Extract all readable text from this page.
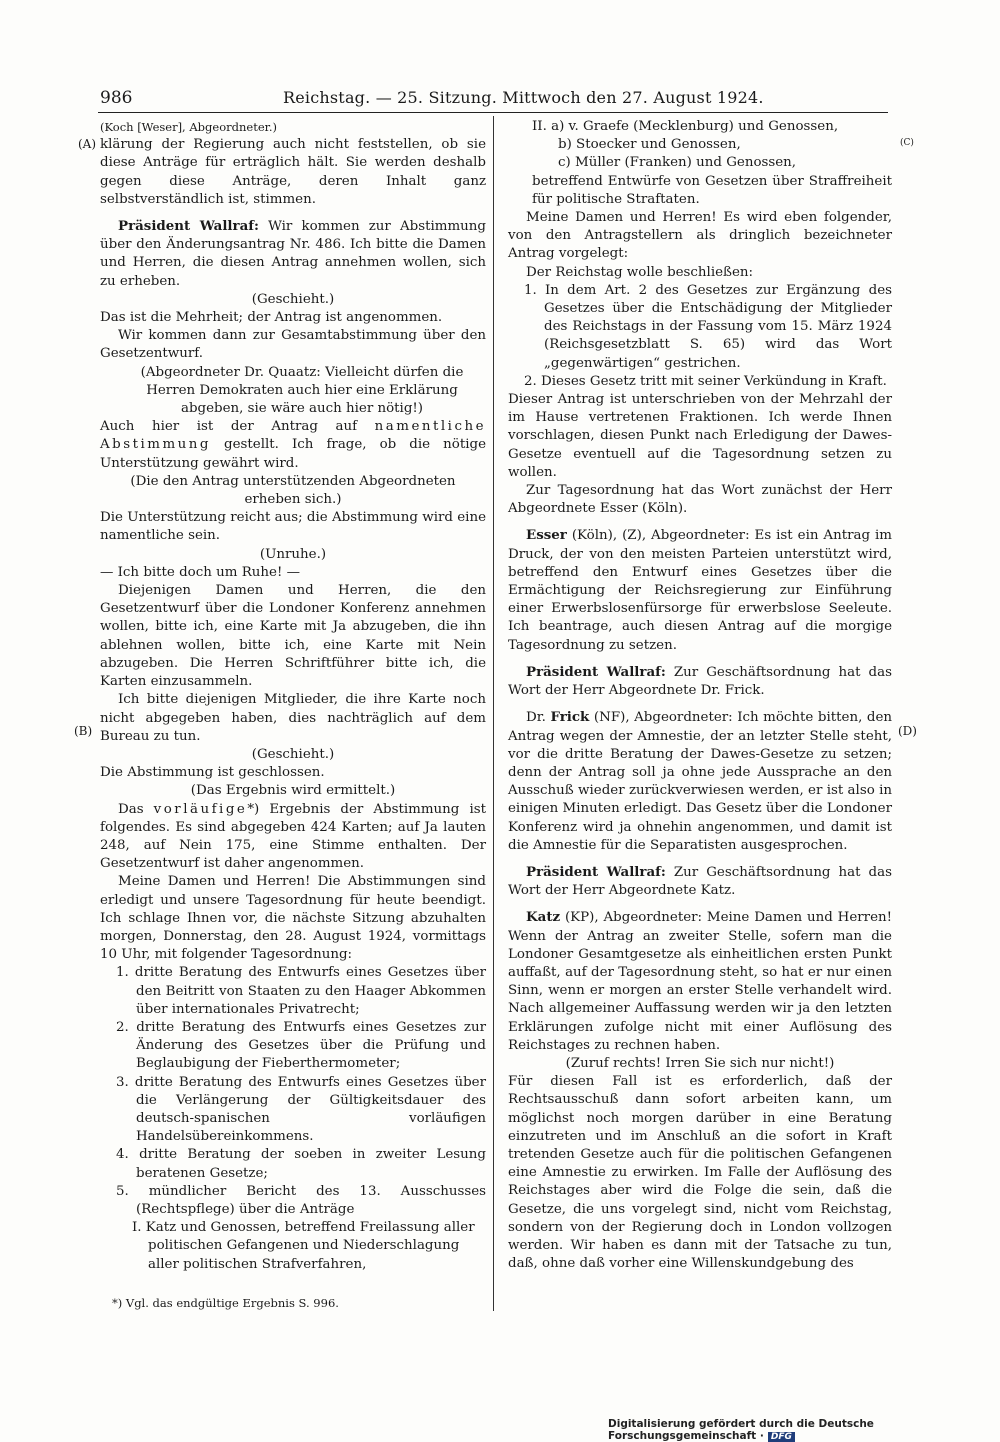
986	Reichstag. — 25. Sitzung. Mittwoch den 27. August 1924.
(A)
(B)	(D)
(C)

(Koch [Weser], Abgeordneter.)

klärung der Regierung auch nicht feststellen, ob sie diese Anträge für erträglich hält. Sie werden deshalb gegen diese Anträge, deren Inhalt ganz selbstverständlich ist, stimmen.

Präsident Wallraf: Wir kommen zur Abstimmung über den Änderungsantrag Nr. 486. Ich bitte die Damen und Herren, die diesen Antrag annehmen wollen, sich zu erheben.

(Geschieht.)

Das ist die Mehrheit; der Antrag ist angenommen.

Wir kommen dann zur Gesamtabstimmung über den Gesetzentwurf.

(Abgeordneter Dr. Quaatz: Vielleicht dürfen die Herren Demokraten auch hier eine Erklärung abgeben, sie wäre auch hier nötig!)

Auch hier ist der Antrag auf namentliche Abstimmung gestellt. Ich frage, ob die nötige Unterstützung gewährt wird.

(Die den Antrag unterstützenden Abgeordneten erheben sich.)

Die Unterstützung reicht aus; die Abstimmung wird eine namentliche sein.

(Unruhe.)

— Ich bitte doch um Ruhe! —

Diejenigen Damen und Herren, die den Gesetzentwurf über die Londoner Konferenz annehmen wollen, bitte ich, eine Karte mit Ja abzugeben, die ihn ablehnen wollen, bitte ich, eine Karte mit Nein abzugeben. Die Herren Schriftführer bitte ich, die Karten einzusammeln.

Ich bitte diejenigen Mitglieder, die ihre Karte noch nicht abgegeben haben, dies nachträglich auf dem Bureau zu tun.

(Geschieht.)

Die Abstimmung ist geschlossen.

(Das Ergebnis wird ermittelt.)

Das vorläufige*) Ergebnis der Abstimmung ist folgendes. Es sind abgegeben 424 Karten; auf Ja lauten 248, auf Nein 175, eine Stimme enthalten. Der Gesetzentwurf ist daher angenommen.

Meine Damen und Herren! Die Abstimmungen sind erledigt und unsere Tagesordnung für heute beendigt. Ich schlage Ihnen vor, die nächste Sitzung abzuhalten morgen, Donnerstag, den 28. August 1924, vormittags 10 Uhr, mit folgender Tagesordnung:

1. dritte Beratung des Entwurfs eines Gesetzes über den Beitritt von Staaten zu den Haager Abkommen über internationales Privatrecht;

2. dritte Beratung des Entwurfs eines Gesetzes zur Änderung des Gesetzes über die Prüfung und Beglaubigung der Fieberthermometer;

3. dritte Beratung des Entwurfs eines Gesetzes über die Verlängerung der Gültigkeitsdauer des deutsch-spanischen vorläufigen Handelsübereinkommens.

4. dritte Beratung der soeben in zweiter Lesung beratenen Gesetze;

5. mündlicher Bericht des 13. Ausschusses (Rechtspflege) über die Anträge

I. Katz und Genossen, betreffend Freilassung aller politischen Gefangenen und Niederschlagung aller politischen Strafverfahren,

*) Vgl. das endgültige Ergebnis S. 996.

II. a) v. Graefe (Mecklenburg) und Genossen,

b) Stoecker und Genossen,

c) Müller (Franken) und Genossen,

betreffend Entwürfe von Gesetzen über Straffreiheit für politische Straftaten.

Meine Damen und Herren! Es wird eben folgender, von den Antragstellern als dringlich bezeichneter Antrag vorgelegt:

Der Reichstag wolle beschließen:

1. In dem Art. 2 des Gesetzes zur Ergänzung des Gesetzes über die Entschädigung der Mitglieder des Reichstags in der Fassung vom 15. März 1924 (Reichsgesetzblatt S. 65) wird das Wort „gegenwärtigen“ gestrichen.

2. Dieses Gesetz tritt mit seiner Verkündung in Kraft.

Dieser Antrag ist unterschrieben von der Mehrzahl der im Hause vertretenen Fraktionen. Ich werde Ihnen vorschlagen, diesen Punkt nach Erledigung der Dawes-Gesetze eventuell auf die Tagesordnung setzen zu wollen.

Zur Tagesordnung hat das Wort zunächst der Herr Abgeordnete Esser (Köln).

Esser (Köln), (Z), Abgeordneter: Es ist ein Antrag im Druck, der von den meisten Parteien unterstützt wird, betreffend den Entwurf eines Gesetzes über die Ermächtigung der Reichsregierung zur Einführung einer Erwerbslosenfürsorge für erwerbslose Seeleute. Ich beantrage, auch diesen Antrag auf die morgige Tagesordnung zu setzen.

Präsident Wallraf: Zur Geschäftsordnung hat das Wort der Herr Abgeordnete Dr. Frick.

Dr. Frick (NF), Abgeordneter: Ich möchte bitten, den Antrag wegen der Amnestie, der an letzter Stelle steht, vor die dritte Beratung der Dawes-Gesetze zu setzen; denn der Antrag soll ja ohne jede Aussprache an den Ausschuß wieder zurückverwiesen werden, er ist also in einigen Minuten erledigt. Das Gesetz über die Londoner Konferenz wird ja ohnehin angenommen, und damit ist die Amnestie für die Separatisten ausgesprochen.

Präsident Wallraf: Zur Geschäftsordnung hat das Wort der Herr Abgeordnete Katz.

Katz (KP), Abgeordneter: Meine Damen und Herren! Wenn der Antrag an zweiter Stelle, sofern man die Londoner Gesamtgesetze als einheitlichen ersten Punkt auffaßt, auf der Tagesordnung steht, so hat er nur einen Sinn, wenn er morgen an erster Stelle verhandelt wird. Nach allgemeiner Auffassung werden wir ja den letzten Erklärungen zufolge nicht mit einer Auflösung des Reichstages zu rechnen haben.

(Zuruf rechts! Irren Sie sich nur nicht!)

Für diesen Fall ist es erforderlich, daß der Rechtsausschuß dann sofort arbeiten kann, um möglichst noch morgen darüber in eine Beratung einzutreten und im Anschluß an die sofort in Kraft tretenden Gesetze auch für die politischen Gefangenen eine Amnestie zu erwirken. Im Falle der Auflösung des Reichstages aber wird die Folge die sein, daß die Gesetze, die uns vorgelegt sind, nicht vom Reichstag, sondern von der Regierung doch in London vollzogen werden. Wir haben es dann mit der Tatsache zu tun, daß, ohne daß vorher eine Willenskundgebung des

Digitalisierung gefördert durch die Deutsche Forschungsgemeinschaft · DFG
